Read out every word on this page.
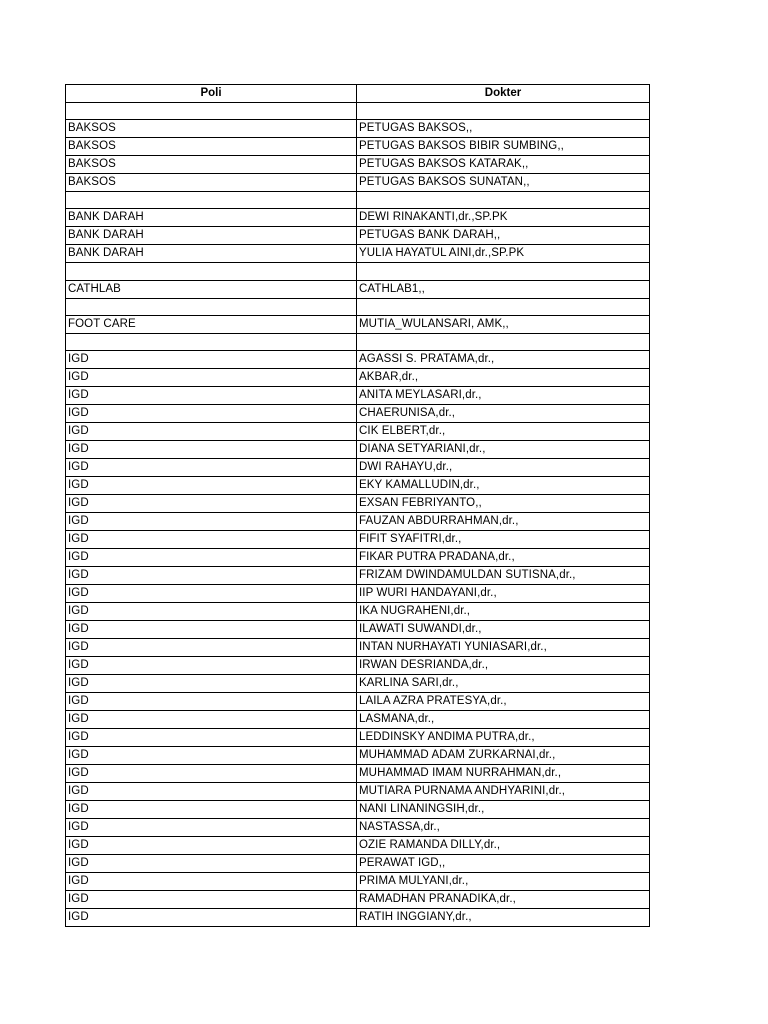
Poli	Dokter

BAKSOS	PETUGAS BAKSOS,,
BAKSOS	PETUGAS BAKSOS BIBIR SUMBING,,
BAKSOS	PETUGAS BAKSOS KATARAK,,
BAKSOS	PETUGAS BAKSOS SUNATAN,,

BANK DARAH	DEWI RINAKANTI,dr.,SP.PK
BANK DARAH	PETUGAS BANK DARAH,,
BANK DARAH	YULIA HAYATUL AINI,dr.,SP.PK

CATHLAB	CATHLAB1,,

FOOT CARE	MUTIA_WULANSARI, AMK,,

IGD	AGASSI S. PRATAMA,dr.,
IGD	AKBAR,dr.,
IGD	ANITA MEYLASARI,dr.,
IGD	CHAERUNISA,dr.,
IGD	CIK ELBERT,dr.,
IGD	DIANA SETYARIANI,dr.,
IGD	DWI RAHAYU,dr.,
IGD	EKY KAMALLUDIN,dr.,
IGD	EXSAN FEBRIYANTO,,
IGD	FAUZAN ABDURRAHMAN,dr.,
IGD	FIFIT SYAFITRI,dr.,
IGD	FIKAR PUTRA PRADANA,dr.,
IGD	FRIZAM DWINDAMULDAN SUTISNA,dr.,
IGD	IIP WURI HANDAYANI,dr.,
IGD	IKA NUGRAHENI,dr.,
IGD	ILAWATI SUWANDI,dr.,
IGD	INTAN NURHAYATI YUNIASARI,dr.,
IGD	IRWAN DESRIANDA,dr.,
IGD	KARLINA SARI,dr.,
IGD	LAILA AZRA PRATESYA,dr.,
IGD	LASMANA,dr.,
IGD	LEDDINSKY ANDIMA PUTRA,dr.,
IGD	MUHAMMAD ADAM ZURKARNAI,dr.,
IGD	MUHAMMAD IMAM NURRAHMAN,dr.,
IGD	MUTIARA PURNAMA ANDHYARINI,dr.,
IGD	NANI LINANINGSIH,dr.,
IGD	NASTASSA,dr.,
IGD	OZIE RAMANDA DILLY,dr.,
IGD	PERAWAT IGD,,
IGD	PRIMA MULYANI,dr.,
IGD	RAMADHAN PRANADIKA,dr.,
IGD	RATIH INGGIANY,dr.,
